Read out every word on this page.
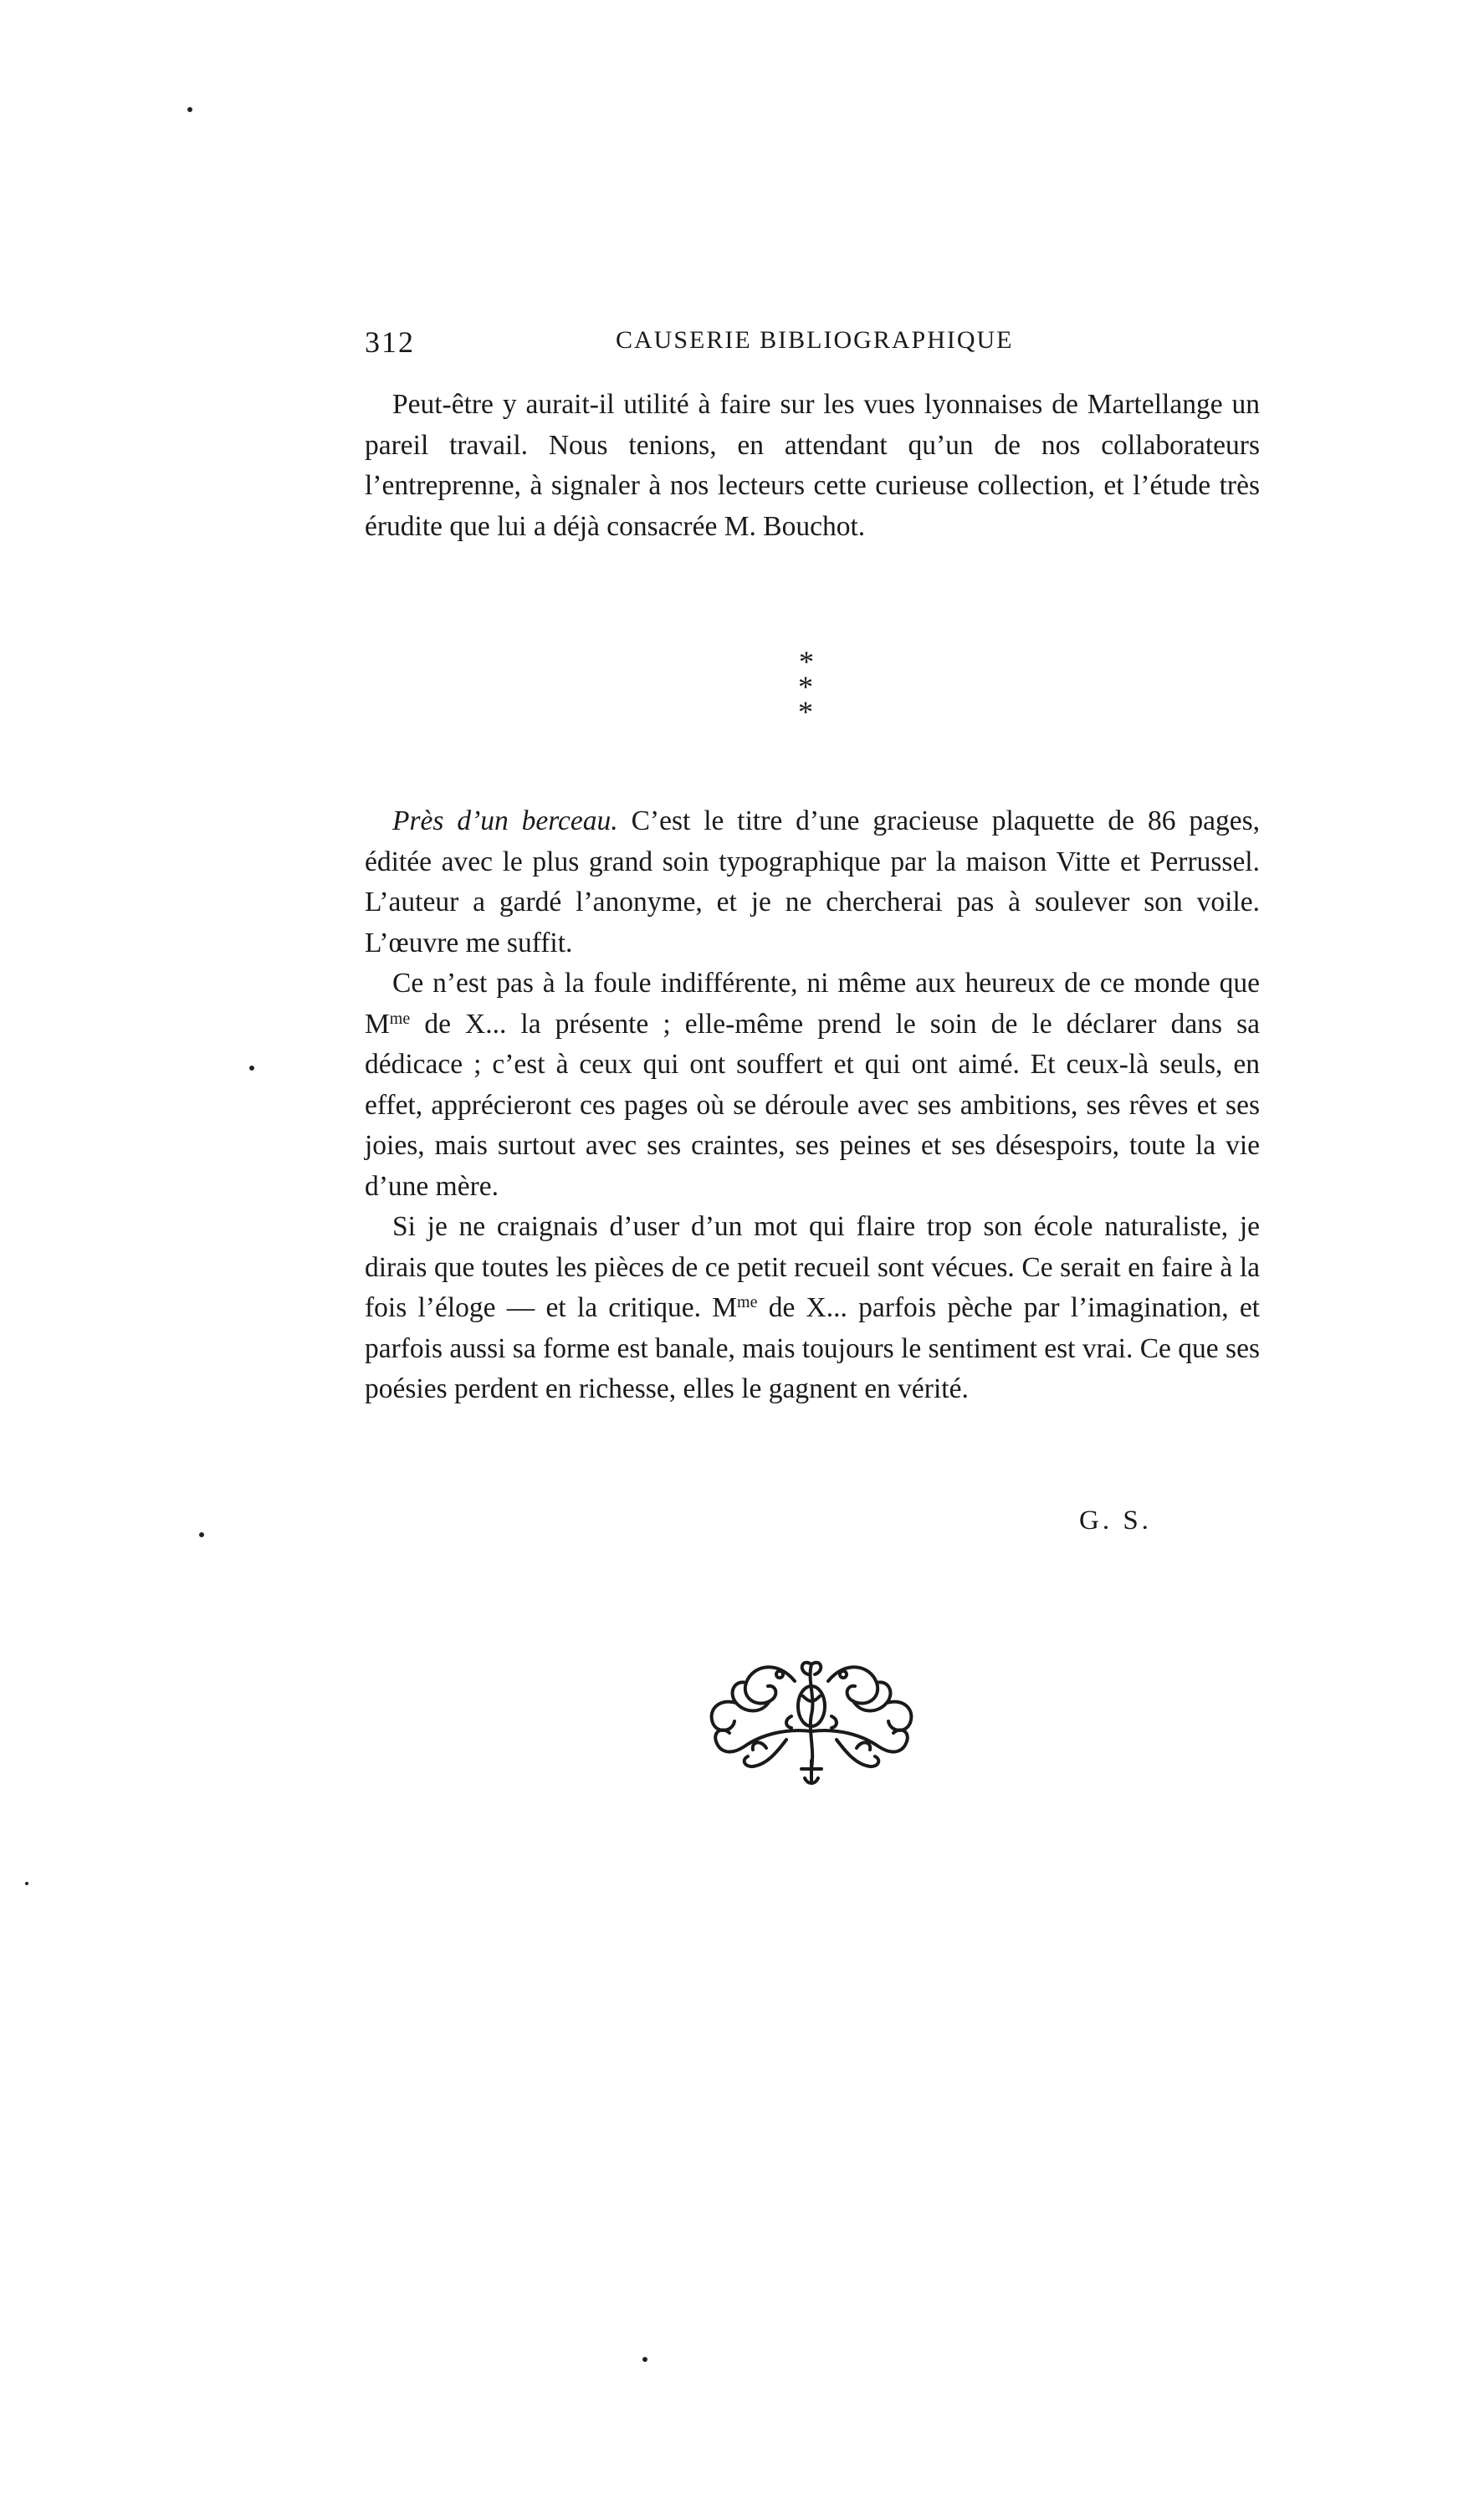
312	CAUSERIE BIBLIOGRAPHIQUE

Peut-être y aurait-il utilité à faire sur les vues lyonnaises de Martellange un pareil travail. Nous tenions, en attendant qu’un de nos collaborateurs l’entreprenne, à signaler à nos lecteurs cette curieuse collection, et l’étude très érudite que lui a déjà consacrée M. Bouchot.

*
* *

Près d’un berceau. C’est le titre d’une gracieuse plaquette de 86 pages, éditée avec le plus grand soin typographique par la maison Vitte et Perrussel. L’auteur a gardé l’anonyme, et je ne chercherai pas à soulever son voile. L’œuvre me suffit.

Ce n’est pas à la foule indifférente, ni même aux heureux de ce monde que $M^{me}$ de X... la présente ; elle-même prend le soin de le déclarer dans sa dédicace ; c’est à ceux qui ont souffert et qui ont aimé. Et ceux-là seuls, en effet, apprécieront ces pages où se déroule avec ses ambitions, ses rêves et ses joies, mais surtout avec ses craintes, ses peines et ses désespoirs, toute la vie d’une mère.

Si je ne craignais d’user d’un mot qui flaire trop son école naturaliste, je dirais que toutes les pièces de ce petit recueil sont vécues. Ce serait en faire à la fois l’éloge — et la critique. $M^{me}$ de X... parfois pèche par l’imagination, et parfois aussi sa forme est banale, mais toujours le sentiment est vrai. Ce que ses poésies perdent en richesse, elles le gagnent en vérité.

G. S.
